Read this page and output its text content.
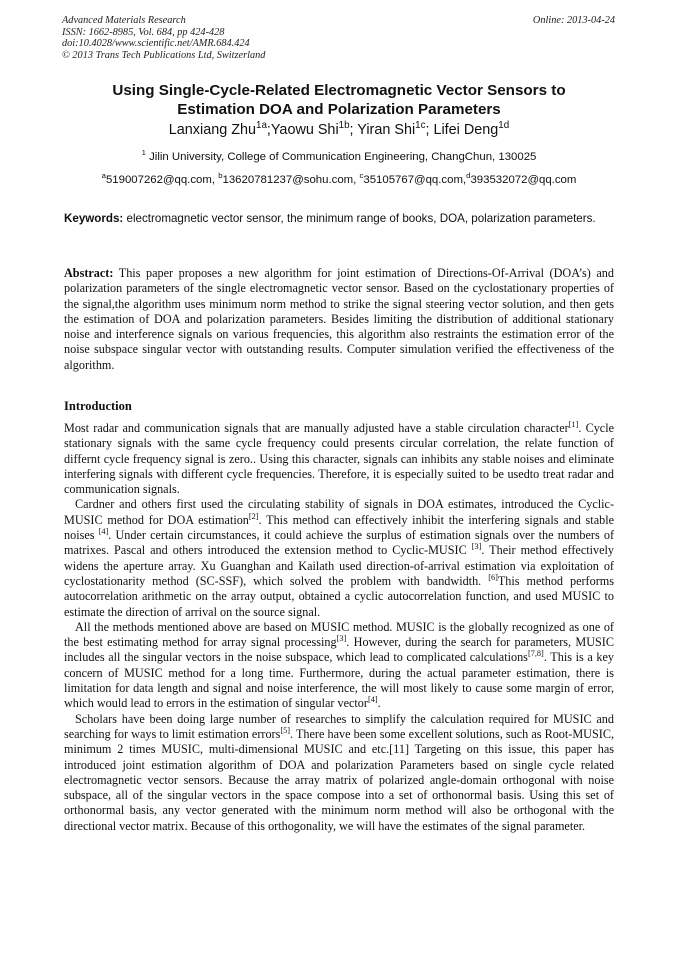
Advanced Materials Research
ISSN: 1662-8985, Vol. 684, pp 424-428
doi:10.4028/www.scientific.net/AMR.684.424
© 2013 Trans Tech Publications Ltd, Switzerland
Online: 2013-04-24
Using Single-Cycle-Related Electromagnetic Vector Sensors to
Estimation DOA and Polarization Parameters
Lanxiang Zhu$^{1a}$;Yaowu Shi$^{1b}$; Yiran Shi$^{1c}$; Lifei Deng$^{1d}$
$^1$ Jilin University, College of Communication Engineering, ChangChun, 130025
$^a$519007262@qq.com, $^b$13620781237@sohu.com, $^c$35105767@qq.com,$^d$393532072@qq.com
Keywords: electromagnetic vector sensor, the minimum range of books, DOA, polarization parameters.
Abstract: This paper proposes a new algorithm for joint estimation of Directions-Of-Arrival (DOA’s) and polarization parameters of the single electromagnetic vector sensor. Based on the cyclostationary properties of the signal,the algorithm uses minimum norm method to strike the signal steering vector solution, and then gets the estimation of DOA and polarization parameters. Besides limiting the distribution of additional stationary noise and interference signals on various frequencies, this algorithm also restraints the estimation error of the noise subspace singular vector with outstanding results. Computer simulation verified the effectiveness of the algorithm.
Introduction

Most radar and communication signals that are manually adjusted have a stable circulation character[1]. Cycle stationary signals with the same cycle frequency could presents circular correlation, the relate function of differnt cycle frequency signal is zero.. Using this character, signals can inhibits any stable noises and eliminate interfering signals with different cycle frequencies. Therefore, it is especially suited to be usedto treat radar and communication signals.

Cardner and others first used the circulating stability of signals in DOA estimates, introduced the Cyclic-MUSIC method for DOA estimation[2]. This method can effectively inhibit the interfering signals and stable noises [4]. Under certain circumstances, it could achieve the surplus of estimation signals over the numbers of matrixes. Pascal and others introduced the extension method to Cyclic-MUSIC [3]. Their method effectively widens the aperture array. Xu Guanghan and Kailath used direction-of-arrival estimation via exploitation of cyclostationarity method (SC-SSF), which solved the problem with bandwidth. [6]This method performs autocorrelation arithmetic on the array output, obtained a cyclic autocorrelation function, and used MUSIC to estimate the direction of arrival on the source signal.

All the methods mentioned above are based on MUSIC method. MUSIC is the globally recognized as one of the best estimating method for array signal processing[3]. However, during the search for parameters, MUSIC includes all the singular vectors in the noise subspace, which lead to complicated calculations[7,8]. This is a key concern of MUSIC method for a long time. Furthermore, during the actual parameter estimation, there is limitation for data length and signal and noise interference, the will most likely to cause some margin of error, which would lead to errors in the estimation of singular vector[4].

Scholars have been doing large number of researches to simplify the calculation required for MUSIC and searching for ways to limit estimation errors[5]. There have been some excellent solutions, such as Root-MUSIC, minimum 2 times MUSIC, multi-dimensional MUSIC and etc.[11] Targeting on this issue, this paper has introduced joint estimation algorithm of DOA and polarization Parameters based on single cycle related electromagnetic vector sensors. Because the array matrix of polarized angle-domain orthogonal with noise subspace, all of the singular vectors in the space compose into a set of orthonormal basis. Using this set of orthonormal basis, any vector generated with the minimum norm method will also be orthogonal with the directional vector matrix. Because of this orthogonality, we will have the estimates of the signal parameter.
